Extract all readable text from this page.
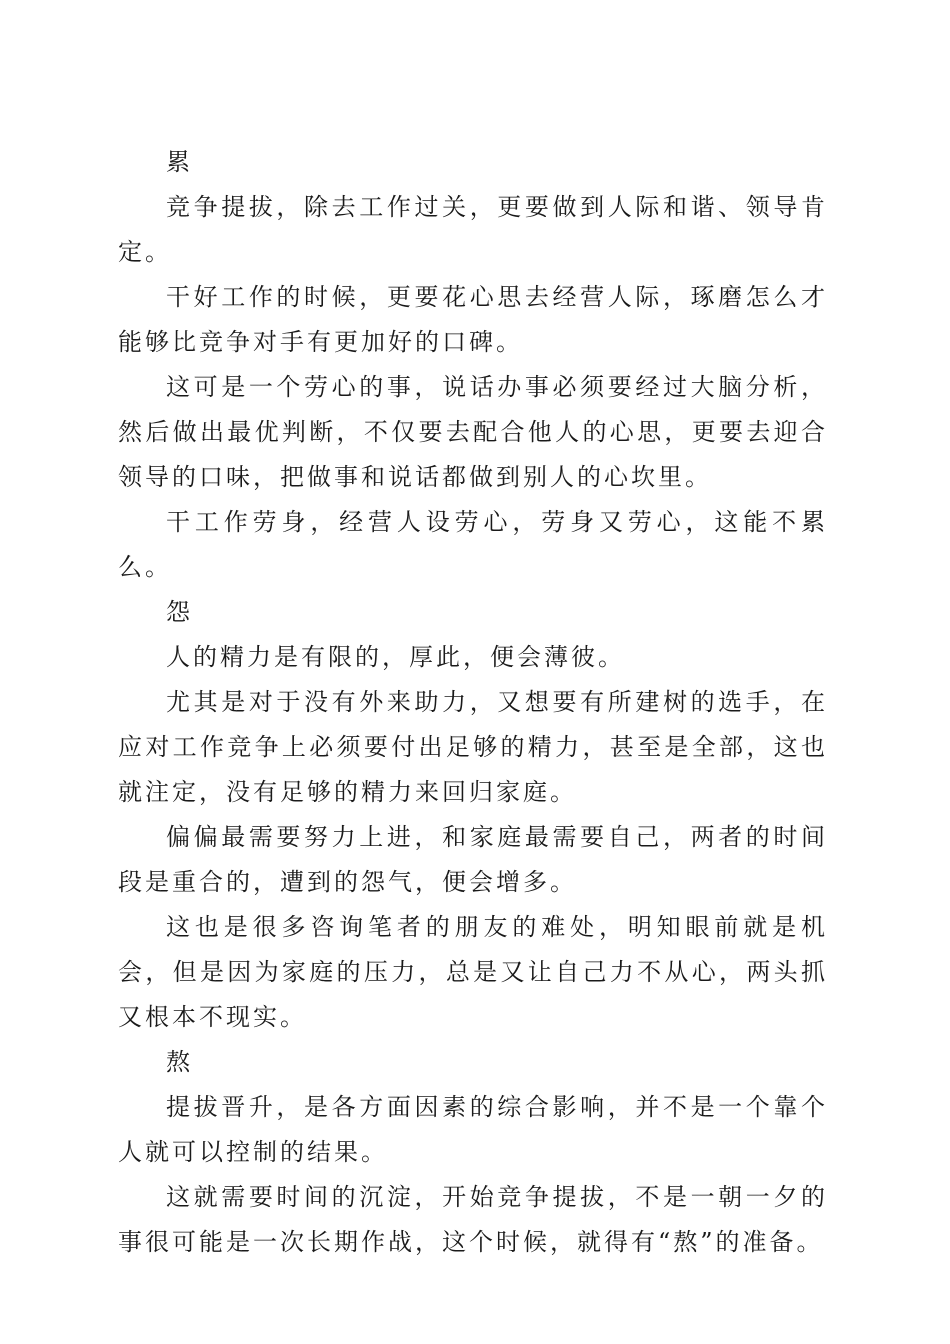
累

竞争提拔，除去工作过关，更要做到人际和谐、领导肯定。

干好工作的时候，更要花心思去经营人际，琢磨怎么才能够比竞争对手有更加好的口碑。

这可是一个劳心的事，说话办事必须要经过大脑分析，然后做出最优判断，不仅要去配合他人的心思，更要去迎合领导的口味，把做事和说话都做到别人的心坎里。

干工作劳身，经营人设劳心，劳身又劳心，这能不累么。

怨

人的精力是有限的，厚此，便会薄彼。

尤其是对于没有外来助力，又想要有所建树的选手，在应对工作竞争上必须要付出足够的精力，甚至是全部，这也就注定，没有足够的精力来回归家庭。

偏偏最需要努力上进，和家庭最需要自己，两者的时间段是重合的，遭到的怨气，便会增多。

这也是很多咨询笔者的朋友的难处，明知眼前就是机会，但是因为家庭的压力，总是又让自己力不从心，两头抓又根本不现实。

熬

提拔晋升，是各方面因素的综合影响，并不是一个靠个人就可以控制的结果。

这就需要时间的沉淀，开始竞争提拔，不是一朝一夕的事很可能是一次长期作战，这个时候，就得有“熬”的准备。
